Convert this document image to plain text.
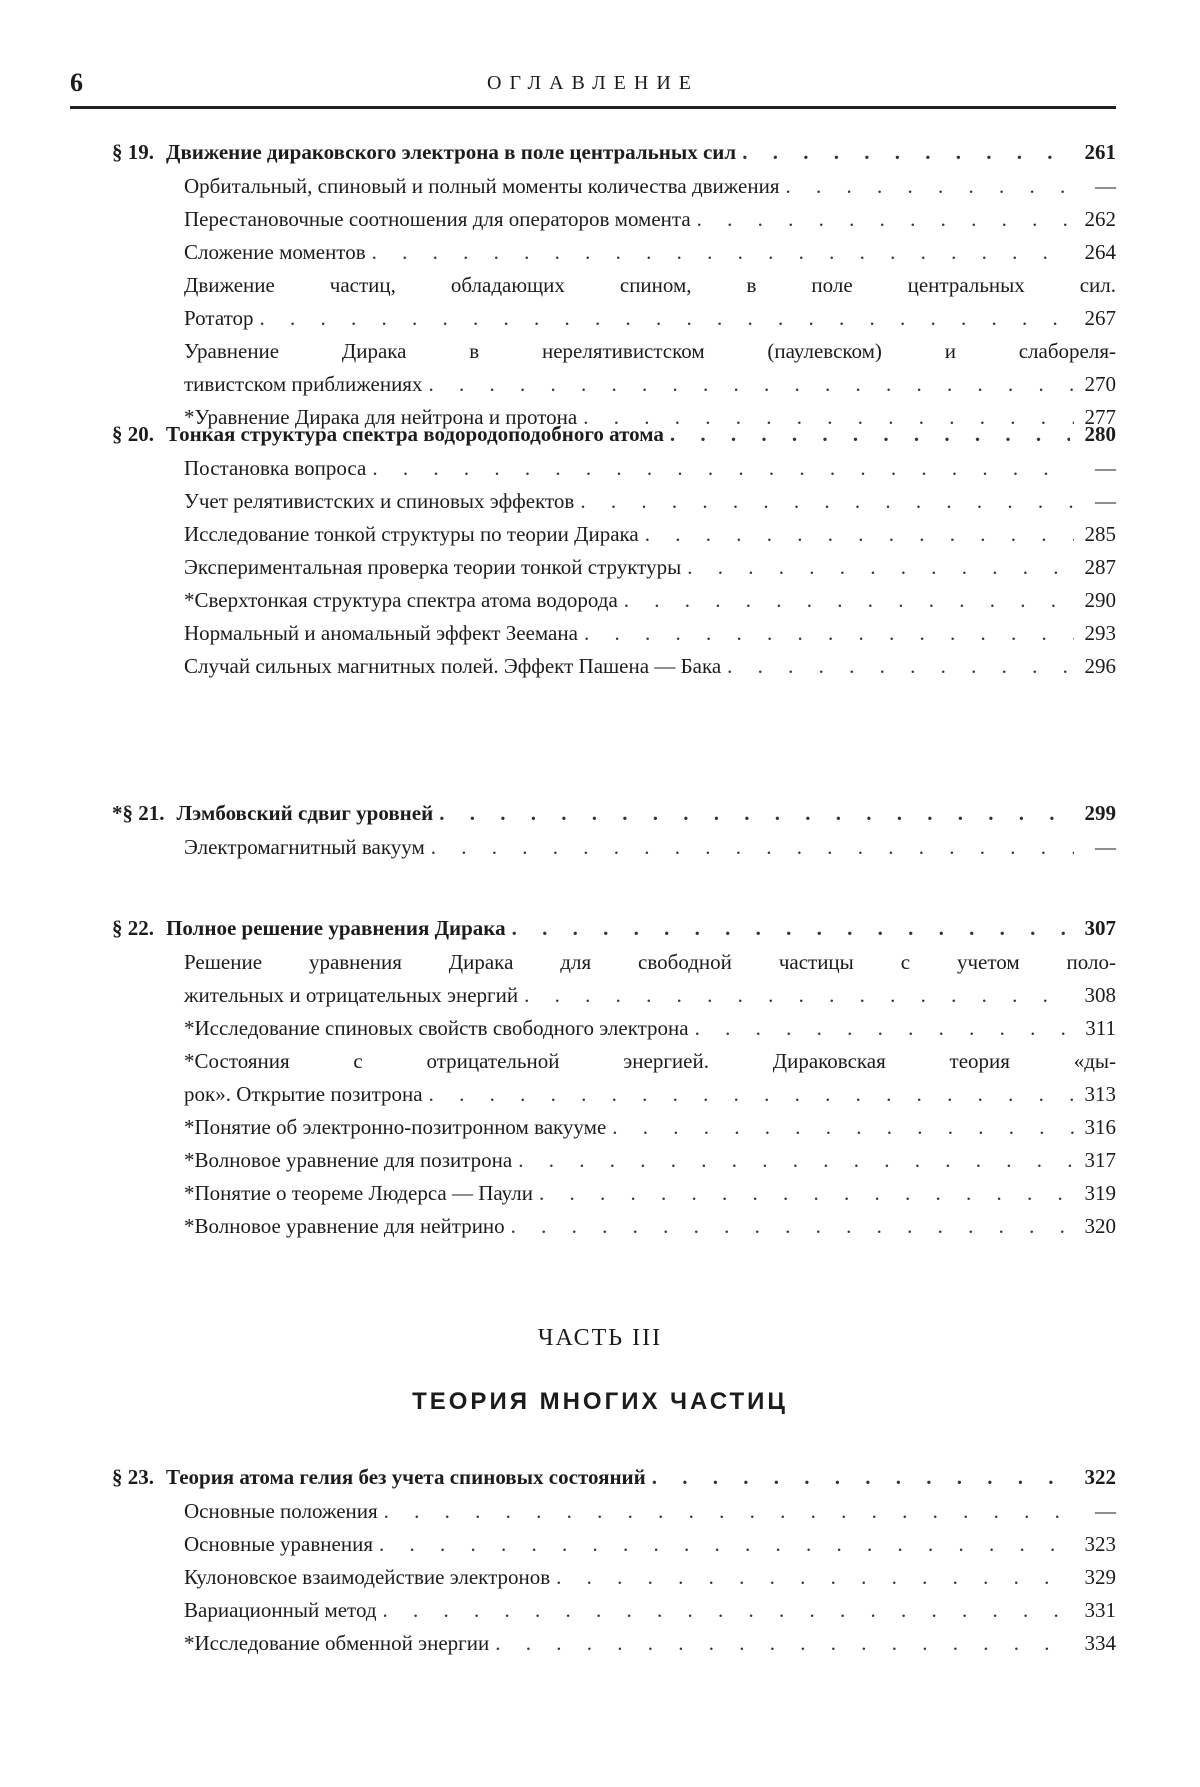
6	ОГЛАВЛЕНИЕ
§ 19. Движение дираковского электрона в поле центральных сил
. . .	261
Орбитальный, спиновый и полный моменты количества движения
. . .	—
Перестановочные соотношения для операторов момента
. . .	262
Сложение моментов
. . .	264
Движение частиц, обладающих спином, в поле центральных сил.
Ротатор
. . .	267
Уравнение Дирака в нерелятивистском (паулевском) и слабореля-
тивистском приближениях
. . .	270
*Уравнение Дирака для нейтрона и протона
. . .	277
§ 20. Тонкая структура спектра водородоподобного атома
. . .	280
Постановка вопроса
. . .	—
Учет релятивистских и спиновых эффектов
. . .	—
Исследование тонкой структуры по теории Дирака
. . .	285
Экспериментальная проверка теории тонкой структуры
. . .	287
*Сверхтонкая структура спектра атома водорода
. . .	290
Нормальный и аномальный эффект Зеемана
. . .	293
Случай сильных магнитных полей. Эффект Пашена — Бака
. . .	296
*§ 21. Лэмбовский сдвиг уровней
. . .	299
Электромагнитный вакуум
. . .	—
§ 22. Полное решение уравнения Дирака
. . .	307
Решение уравнения Дирака для свободной частицы с учетом поло-
жительных и отрицательных энергий
. . .	308
*Исследование спиновых свойств свободного электрона
. . .	311
*Состояния с отрицательной энергией. Дираковская теория «ды-
рок». Открытие позитрона
. . .	313
*Понятие об электронно-позитронном вакууме
. . .	316
*Волновое уравнение для позитрона
. . .	317
*Понятие о теореме Людерса — Паули
. . .	319
*Волновое уравнение для нейтрино
. . .	320
ЧАСТЬ III
ТЕОРИЯ МНОГИХ ЧАСТИЦ
§ 23. Теория атома гелия без учета спиновых состояний
. . .	322
Основные положения
. . .	—
Основные уравнения
. . .	323
Кулоновское взаимодействие электронов
. . .	329
Вариационный метод
. . .	331
*Исследование обменной энергии
. . .	334
